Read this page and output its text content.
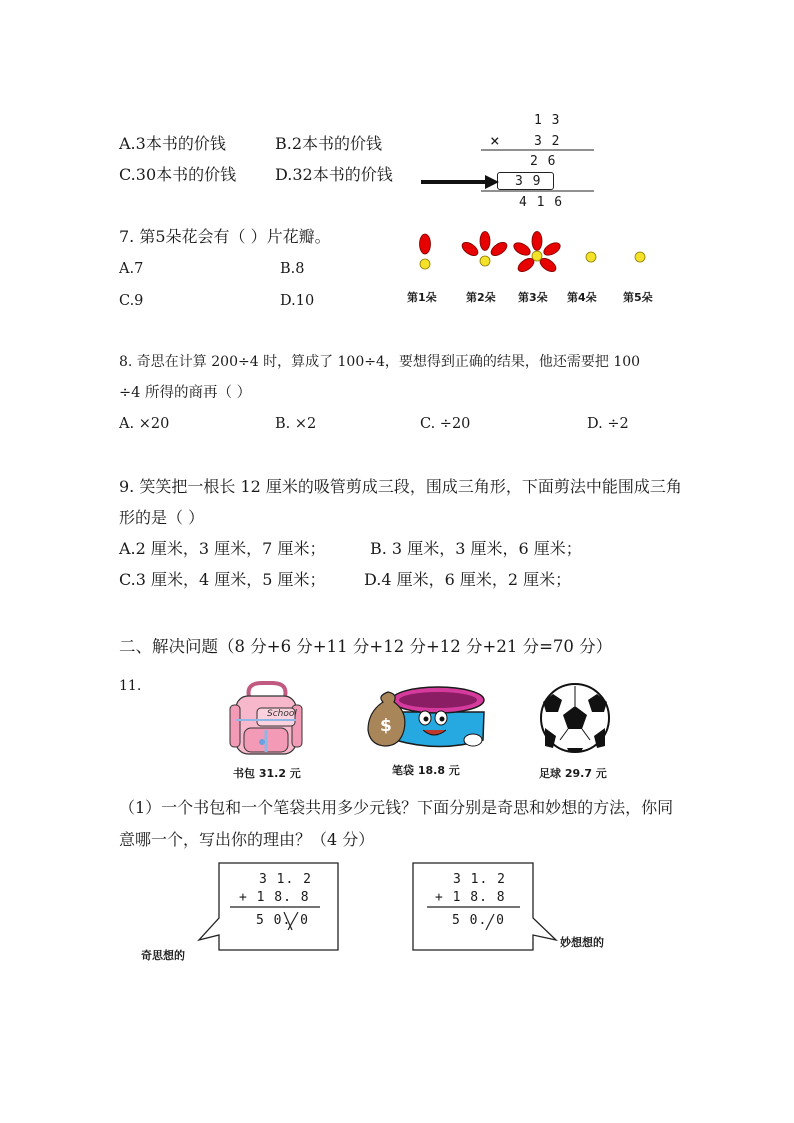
A.3本书的价钱	B.2本书的价钱
C.30本书的价钱 D.32本书的价钱
1 3
×	3 2
2 6
3 9
4 1 6
7. 第5朵花会有（ ）片花瓣。
A.7	B.8
C.9	D.10	第1朵	第2朵 第3朵 第4朵 第5朵
8. 奇思在计算 200÷4 时，算成了 100÷4，要想得到正确的结果，他还需要把 100
÷4 所得的商再（ ）
A. ×20	B. ×2	C. ÷20	D. ÷2
9. 笑笑把一根长 12 厘米的吸管剪成三段，围成三角形，下面剪法中能围成三角
形的是（ ）
A.2 厘米，3 厘米，7 厘米；	B. 3 厘米，3 厘米，6 厘米；
C.3 厘米，4 厘米，5 厘米； D.4 厘米，6 厘米，2 厘米；
二、解决问题（8 分+6 分+11 分+12 分+12 分+21 分=70 分）
11.
School
书包 31.2 元
$
笔袋 18.8 元	足球 29.7 元
（1）一个书包和一个笔袋共用多少元钱？下面分别是奇思和妙想的方法，你同
意哪一个，写出你的理由？（4 分）
3 1. 2
+ 1 8. 8
5 0. 0
奇思想的
3 1. 2
+ 1 8. 8
5 0. 0
妙想想的
